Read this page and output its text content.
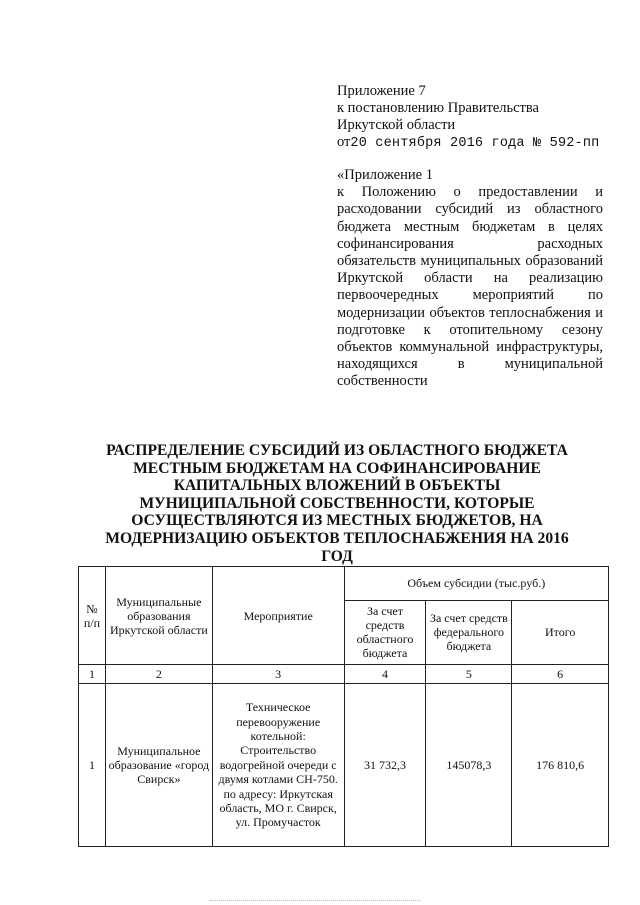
Приложение 7
к постановлению Правительства
Иркутской области
от20 сентября 2016 года № 592-пп
«Приложение 1
к Положению о предоставлении и расходовании субсидий из областного бюджета местным бюджетам в целях софинансирования расходных обязательств муниципальных образований Иркутской области на реализацию первоочередных мероприятий по модернизации объектов теплоснабжения и подготовке к отопительному сезону объектов коммунальной инфраструктуры, находящихся в муниципальной собственности
РАСПРЕДЕЛЕНИЕ СУБСИДИЙ ИЗ ОБЛАСТНОГО БЮДЖЕТА МЕСТНЫМ БЮДЖЕТАМ НА СОФИНАНСИРОВАНИЕ КАПИТАЛЬНЫХ ВЛОЖЕНИЙ В ОБЪЕКТЫ МУНИЦИПАЛЬНОЙ СОБСТВЕННОСТИ, КОТОРЫЕ ОСУЩЕСТВЛЯЮТСЯ ИЗ МЕСТНЫХ БЮДЖЕТОВ, НА МОДЕРНИЗАЦИЮ ОБЪЕКТОВ ТЕПЛОСНАБЖЕНИЯ НА 2016 ГОД
№ п/п	Муниципальные образования Иркутской области	Мероприятие	Объем субсидии (тыс.руб.)		
			За счет средств областного бюджета	За счет средств федерального бюджета	Итого
1	2	3	4	5	6
1	Муниципальное образование «город Свирск»	Техническое перевооружение котельной: Строительство водогрейной очереди с двумя котлами СН-750. по адресу: Иркутская область, МО г. Свирск, ул. Промучасток	31 732,3	145078,3	176 810,6
